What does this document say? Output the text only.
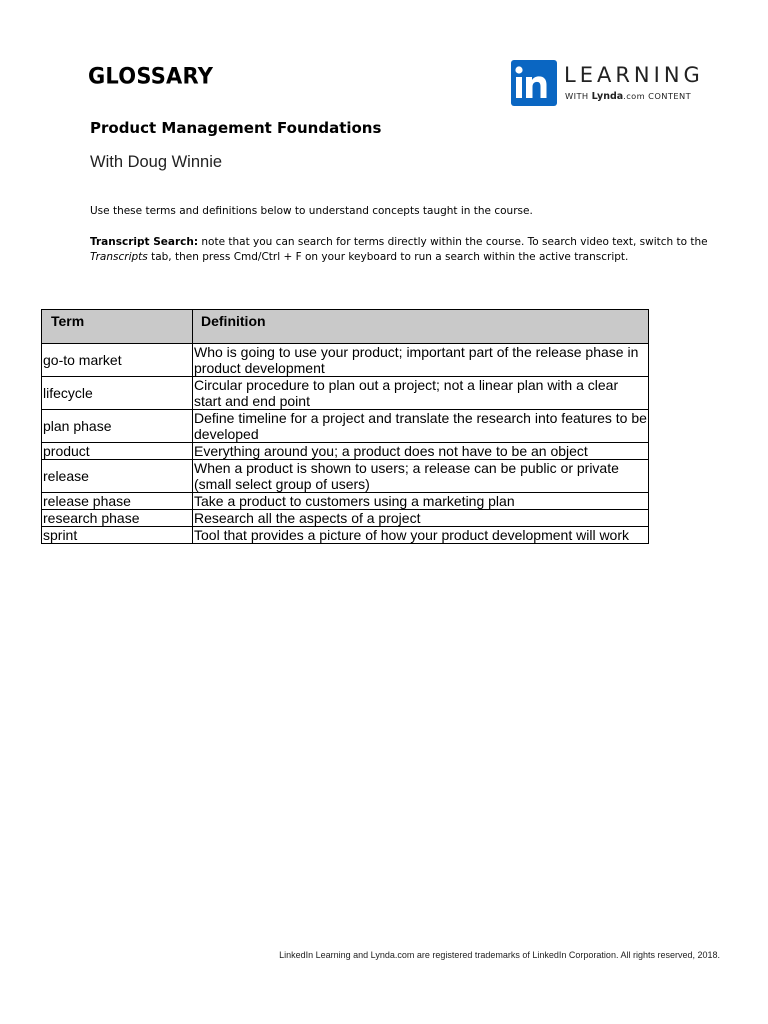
GLOSSARY	LEARNING
WITH Lynda.com CONTENT
Product Management Foundations
With Doug Winnie
Use these terms and definitions below to understand concepts taught in the course.
Transcript Search: note that you can search for terms directly within the course. To search video text, switch to the Transcripts tab, then press Cmd/Ctrl + F on your keyboard to run a search within the active transcript.
Term	Definition
go-to market	Who is going to use your product; important part of the release phase in product development
lifecycle	Circular procedure to plan out a project; not a linear plan with a clear start and end point
plan phase	Define timeline for a project and translate the research into features to be developed
product	Everything around you; a product does not have to be an object
release	When a product is shown to users; a release can be public or private (small select group of users)
release phase	Take a product to customers using a marketing plan
research phase	Research all the aspects of a project
sprint	Tool that provides a picture of how your product development will work
LinkedIn Learning and Lynda.com are registered trademarks of LinkedIn Corporation. All rights reserved, 2018.
